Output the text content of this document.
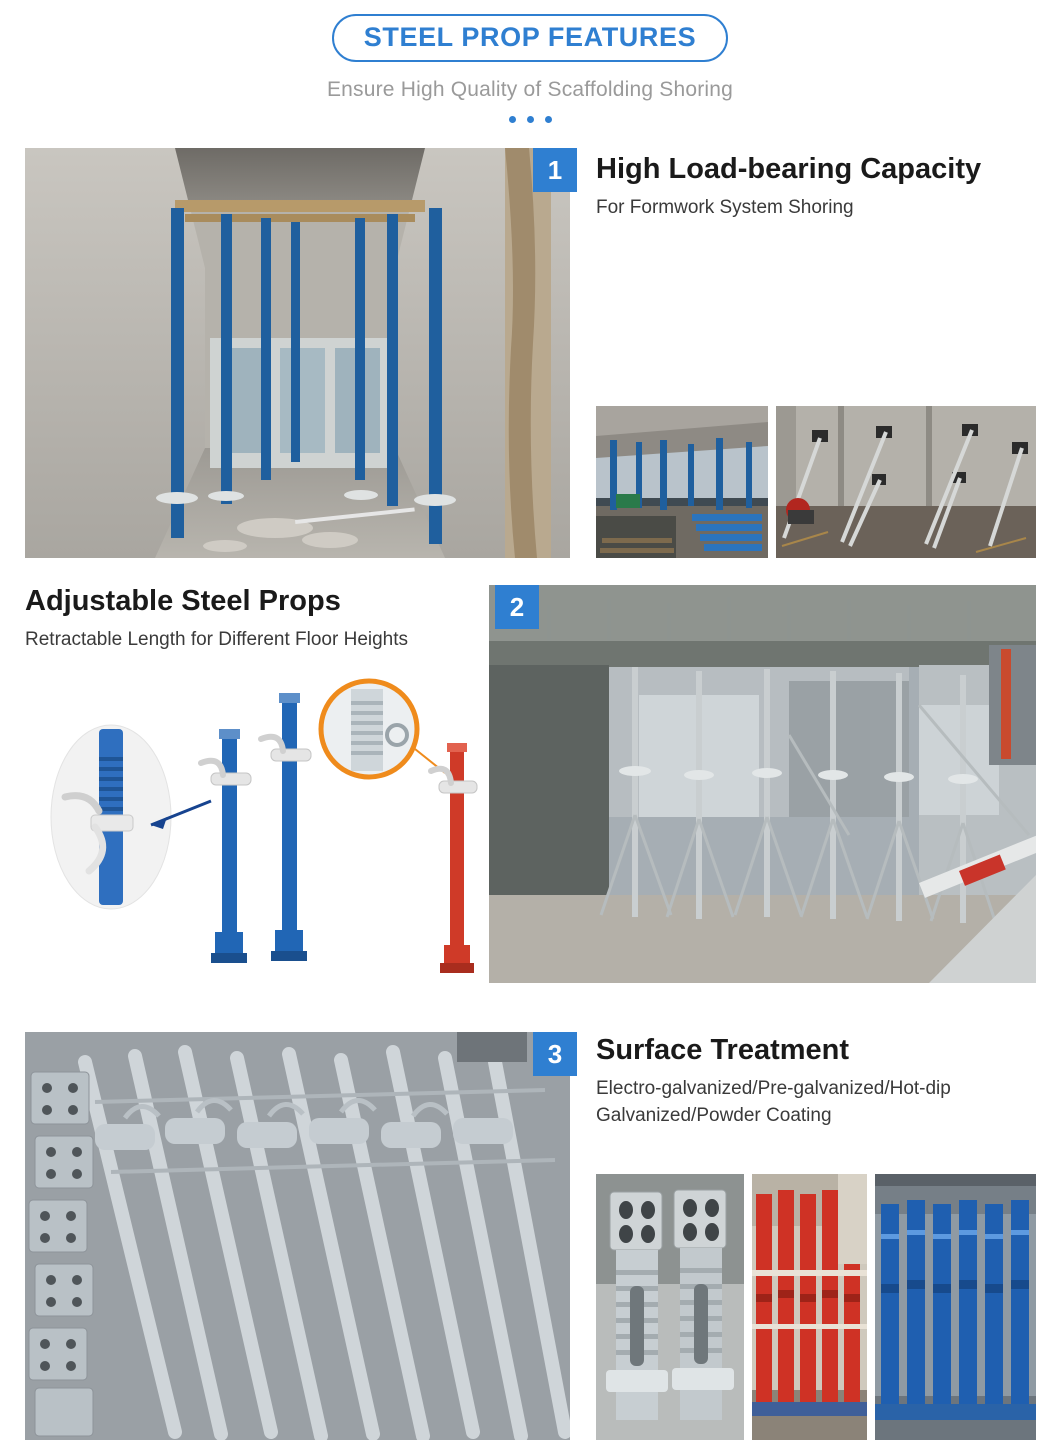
STEEL PROP FEATURES
Ensure High Quality of Scaffolding Shoring
1	High Load-bearing Capacity
For Formwork System Shoring
Adjustable Steel Props
Retractable Length for Different Floor Heights
2
3	Surface Treatment
Electro-galvanized/Pre-galvanized/Hot-dip Galvanized/Powder Coating
